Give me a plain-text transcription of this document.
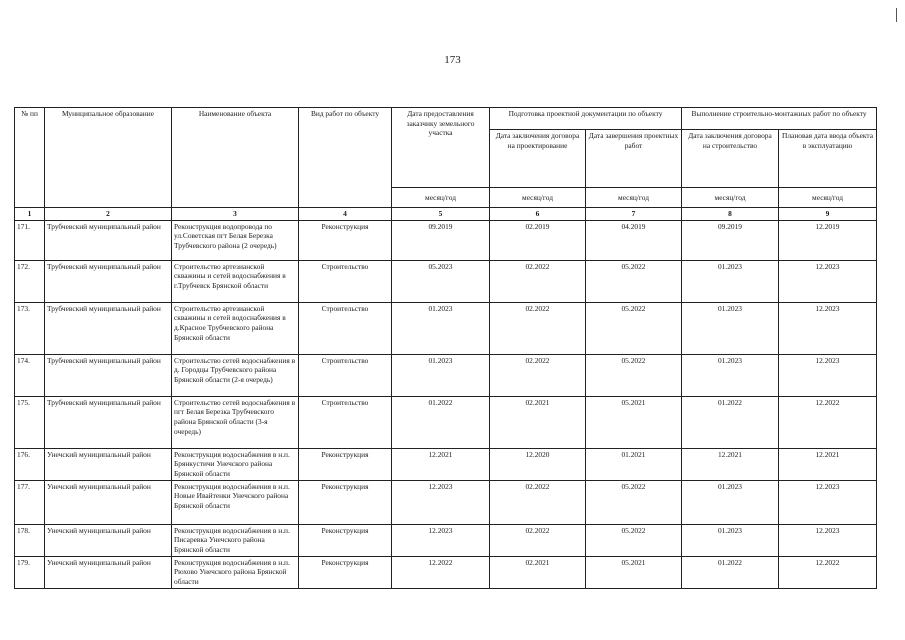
173
№ пп	Муниципальное образование	Наименование объекта	Вид работ по объекту	Дата предоставления заказчику земельного участка	Подготовка проектной документации по объекту		Выполнение строительно-монтажных работ по объекту	
					Дата заключения договора на проектирование	Дата завершения проектных работ	Дата заключения договора на строительство	Плановая дата ввода объекта в эксплуатацию
				месяц/год	месяц/год	месяц/год	месяц/год	месяц/год
1	2	3	4	5	6	7	8	9
171.	Трубчевский муниципальный район	Реконструкция водопровода по ул.Советская пгт Белая Березка Трубчевского района (2 очередь)	Реконструкция	09.2019	02.2019	04.2019	09.2019	12.2019
172.	Трубчевский муниципальный район	Строительство артезианской скважины и сетей водоснабжения в г.Трубчевск Брянской области	Строительство	05.2023	02.2022	05.2022	01.2023	12.2023
173.	Трубчевский муниципальный район	Строительство артезианской скважины и сетей водоснабжения в д.Красное Трубчевского района Брянской области	Строительство	01.2023	02.2022	05.2022	01.2023	12.2023
174.	Трубчевский муниципальный район	Строительство сетей водоснабжения в д. Городцы Трубчевского района Брянской области (2-я очередь)	Строительство	01.2023	02.2022	05.2022	01.2023	12.2023
175.	Трубчевский муниципальный район	Строительство сетей водоснабжения в пгт Белая Березка Трубчевского района Брянской области (3-я очередь)	Строительство	01.2022	02.2021	05.2021	01.2022	12.2022
176.	Унечский муниципальный район	Реконструкция водоснабжения в н.п. Брянкустичи Унечского района Брянской области	Реконструкция	12.2021	12.2020	01.2021	12.2021	12.2021
177.	Унечский муниципальный район	Реконструкция водоснабжения в н.п. Новые Ивайтенки Унечского района Брянской области	Реконструкция	12.2023	02.2022	05.2022	01.2023	12.2023
178.	Унечский муниципальный район	Реконструкция водоснабжения в н.п. Писаревка Унечского района Брянской области	Реконструкция	12.2023	02.2022	05.2022	01.2023	12.2023
179.	Унечский муниципальный район	Реконструкция водоснабжения в н.п. Рюхово Унечского района Брянской области	Реконструкция	12.2022	02.2021	05.2021	01.2022	12.2022
